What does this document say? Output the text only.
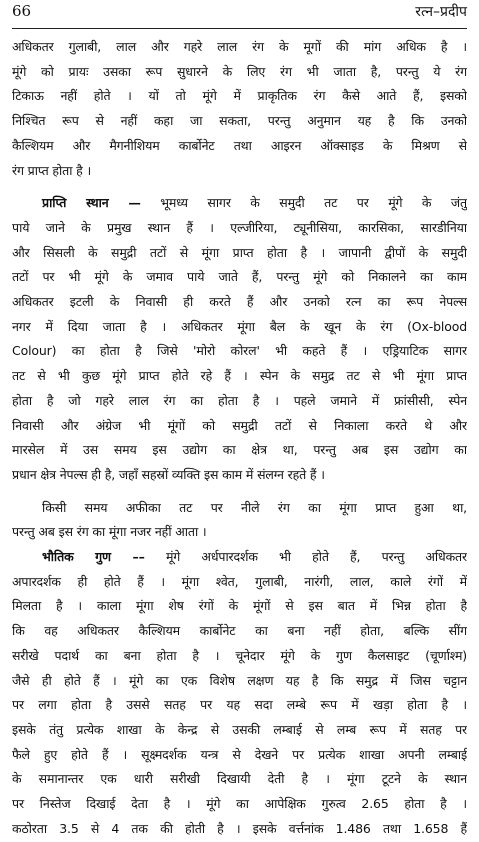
66	रत्न–प्रदीप

अधिकतर गुलाबी, लाल और गहरे लाल रंग के मूगों की मांग अधिक है ।

मूंगे को प्रायः उसका रूप सुधारने के लिए रंग भी जाता है, परन्तु ये रंग

टिकाऊ नहीं होते । यों तो मूंगे में प्राकृतिक रंग कैसे आते हैं, इसको

निश्चित रूप से नहीं कहा जा सकता, परन्तु अनुमान यह है कि उनको

कैल्शियम और मैगनीशियम कार्बोनेट तथा आइरन ऑक्साइड के मिश्रण से

रंग प्राप्त होता है ।

प्राप्ति स्थान — भूमध्य सागर के समुदी तट पर मूंगे के जंतु

पाये जाने के प्रमुख स्थान हैं । एल्जीरिया, ट्यूनीसिया, कारसिका, सारडीनिया

और सिसली के समुद्री तटों से मूंगा प्राप्त होता है । जापानी द्वीपों के समुदी

तटों पर भी मूंगे के जमाव पाये जाते हैं, परन्तु मूंगे को निकालने का काम

अधिकतर इटली के निवासी ही करते हैं और उनको रत्न का रूप नेपल्स

नगर में दिया जाता है । अधिकतर मूंगा बैल के खून के रंग (Ox-blood

Colour) का होता है जिसे 'मोरो कोरल' भी कहते हैं । एड्रियाटिक सागर

तट से भी कुछ मूंगे प्राप्त होते रहे हैं । स्पेन के समुद्र तट से भी मूंगा प्राप्त

होता है जो गहरे लाल रंग का होता है । पहले जमाने में फ्रांसीसी, स्पेन

निवासी और अंग्रेज भी मूंगों को समुद्री तटों से निकाला करते थे और

मारसेल में उस समय इस उद्योग का क्षेत्र था, परन्तु अब इस उद्योग का

प्रधान क्षेत्र नेपल्स ही है, जहाँ सहस्रों व्यक्ति इस काम में संलग्न रहते हैं ।

किसी समय अफीका तट पर नीले रंग का मूंगा प्राप्त हुआ था,

परन्तु अब इस रंग का मूंगा नजर नहीं आता ।

भौतिक गुण –– मूंगे अर्धपारदर्शक भी होते हैं, परन्तु अधिकतर

अपारदर्शक ही होते हैं । मूंगा श्वेत, गुलाबी, नारंगी, लाल, काले रंगों में

मिलता है । काला मूंगा शेष रंगों के मूंगों से इस बात में भिन्न होता है

कि वह अधिकतर कैल्शियम कार्बोनेट का बना नहीं होता, बल्कि सींग

सरीखे पदार्थ का बना होता है । चूनेदार मूंगे के गुण कैलसाइट (चूर्णाश्म)

जैसे ही होते हैं । मूंगे का एक विशेष लक्षण यह है कि समुद्र में जिस चट्टान

पर लगा होता है उससे सतह पर यह सदा लम्बे रूप में खड़ा होता है ।

इसके तंतु प्रत्येक शाखा के केन्द्र से उसकी लम्बाई से लम्ब रूप में सतह पर

फैले हुए होते हैं । सूक्ष्मदर्शक यन्त्र से देखने पर प्रत्येक शाखा अपनी लम्बाई

के समानान्तर एक धारी सरीखी दिखायी देती है । मूंगा टूटने के स्थान

पर निस्तेज दिखाई देता है । मूंगे का आपेक्षिक गुरुत्व 2.65 होता है ।

कठोरता 3.5 से 4 तक की होती है । इसके वर्त्तनांक 1.486 तथा 1.658 हैं
